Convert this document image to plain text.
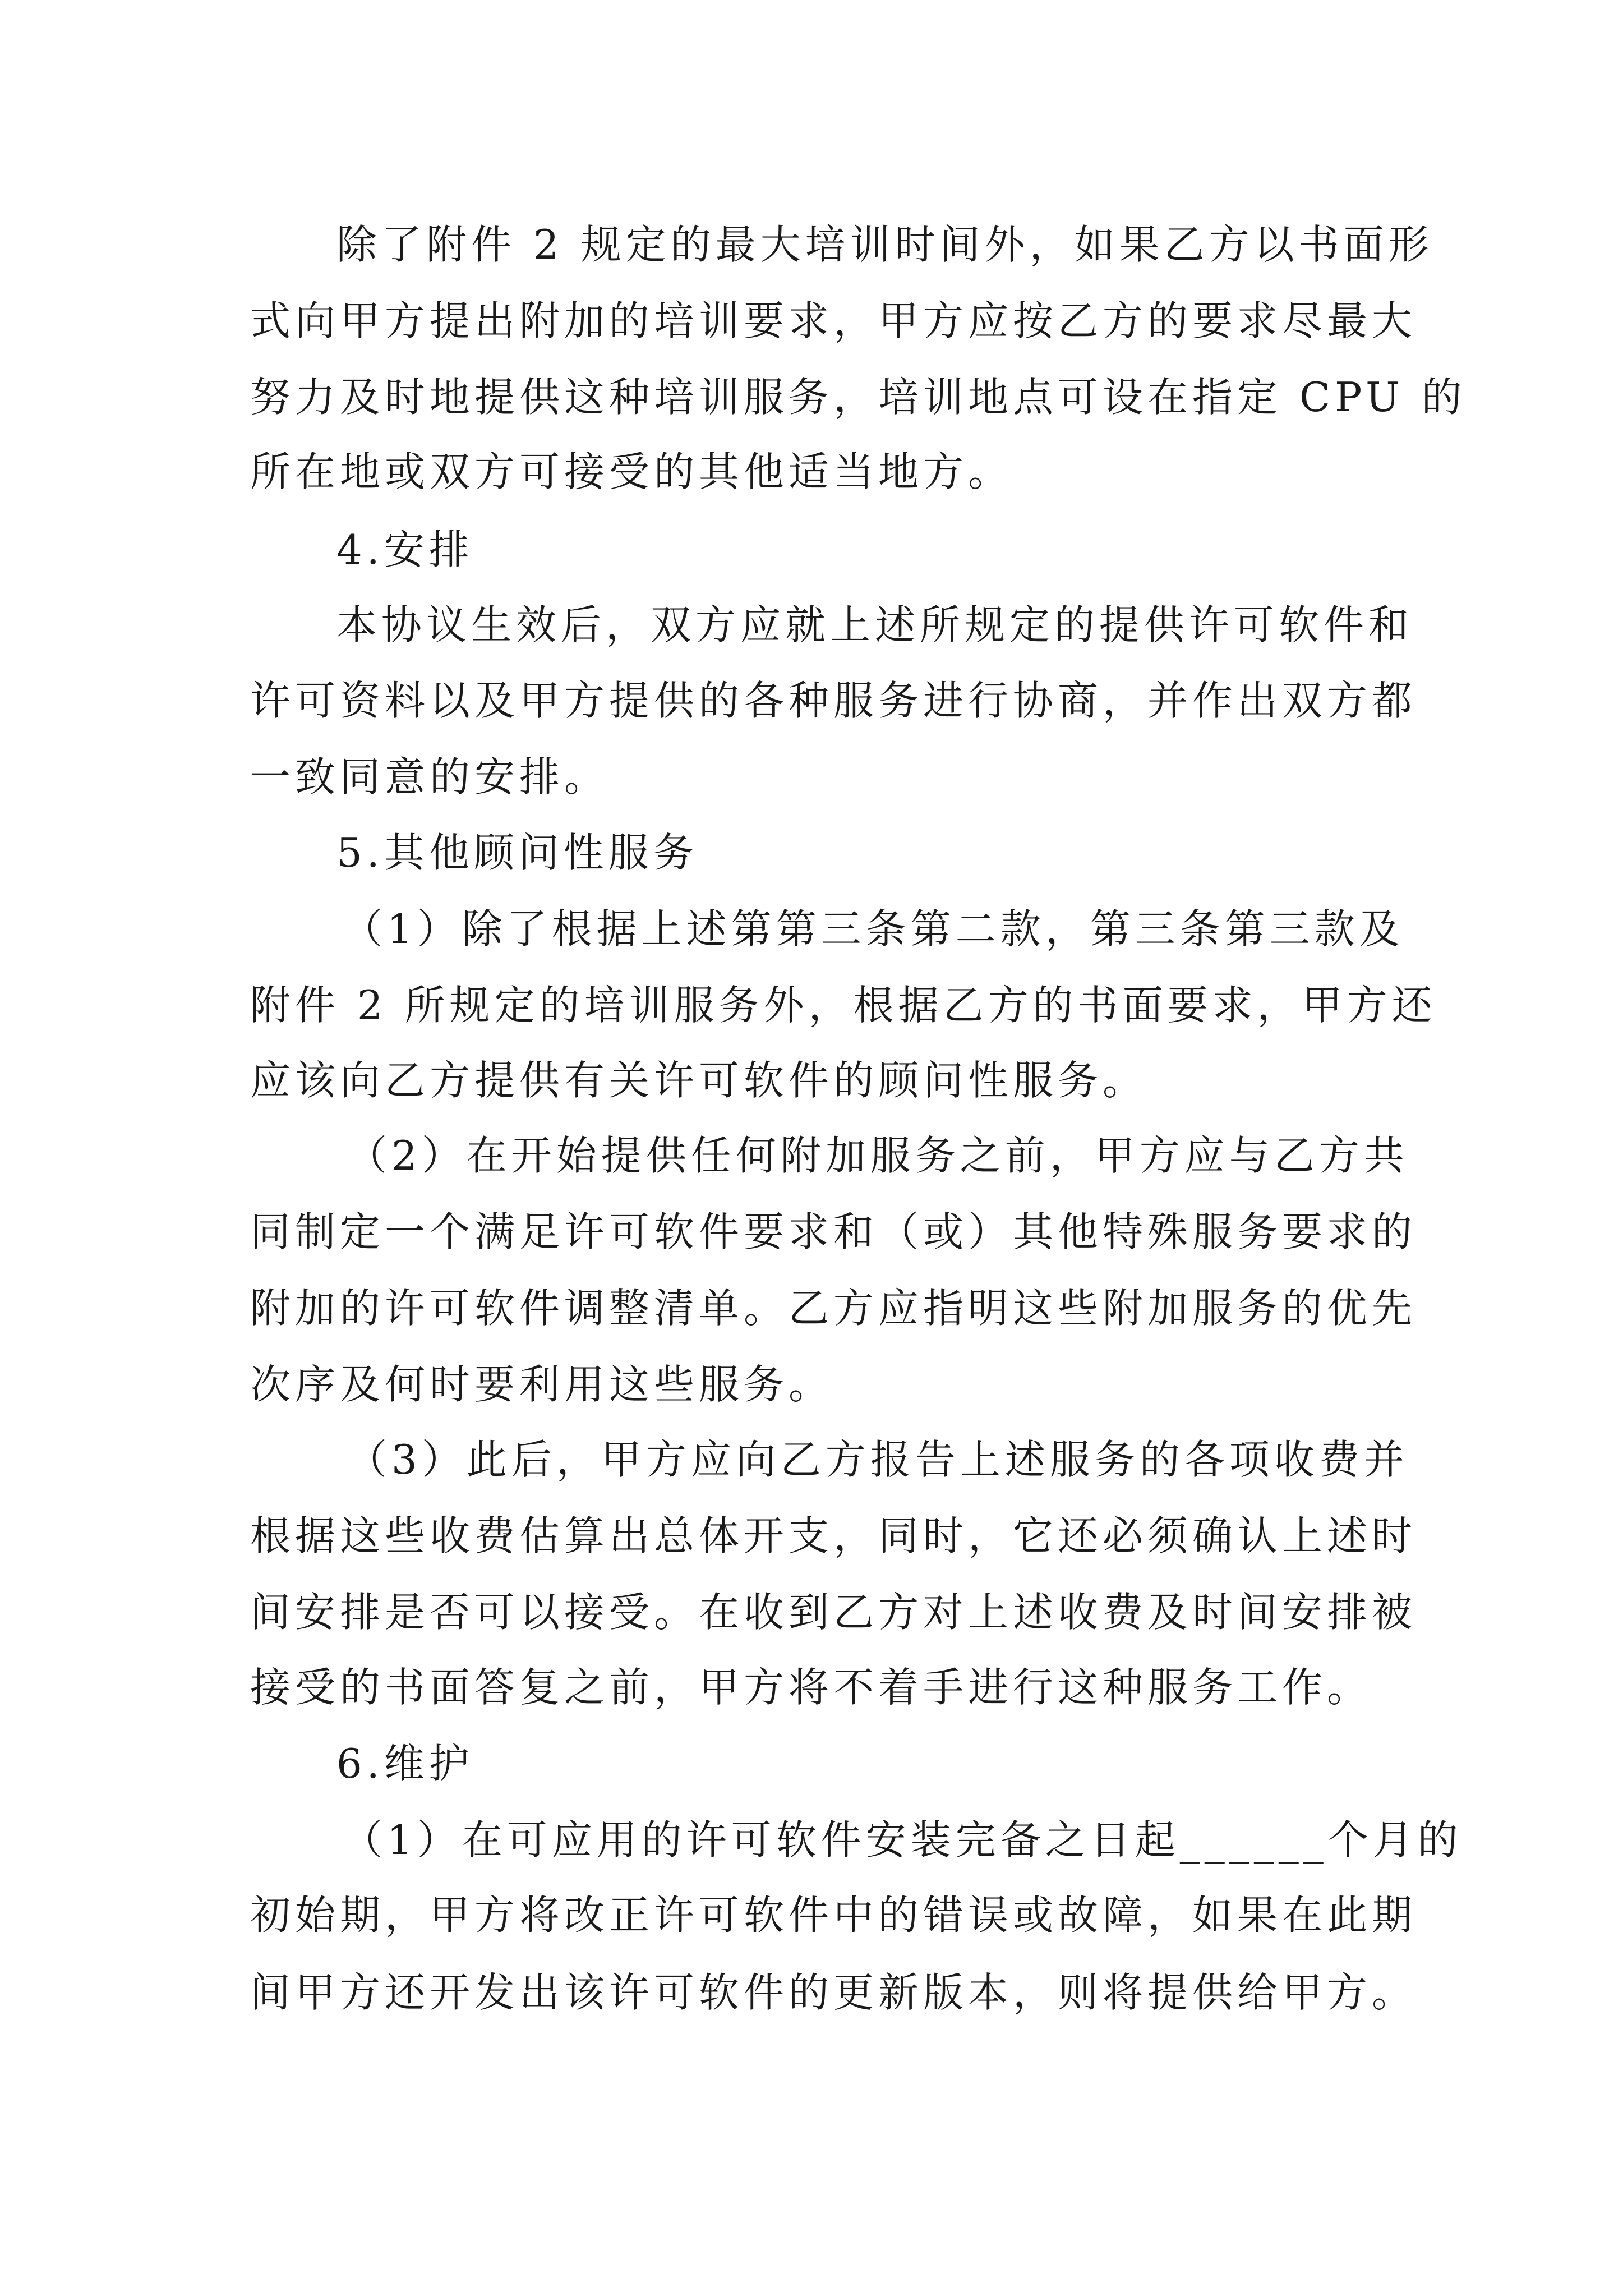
除了附件 2 规定的最大培训时间外，如果乙方以书面形
式向甲方提出附加的培训要求，甲方应按乙方的要求尽最大
努力及时地提供这种培训服务，培训地点可设在指定 CPU 的
所在地或双方可接受的其他适当地方。
4.安排
本协议生效后，双方应就上述所规定的提供许可软件和
许可资料以及甲方提供的各种服务进行协商，并作出双方都
一致同意的安排。
5.其他顾问性服务
（1）除了根据上述第第三条第二款，第三条第三款及
附件 2 所规定的培训服务外，根据乙方的书面要求，甲方还
应该向乙方提供有关许可软件的顾问性服务。
（2）在开始提供任何附加服务之前，甲方应与乙方共
同制定一个满足许可软件要求和（或）其他特殊服务要求的
附加的许可软件调整清单。乙方应指明这些附加服务的优先
次序及何时要利用这些服务。
（3）此后，甲方应向乙方报告上述服务的各项收费并
根据这些收费估算出总体开支，同时，它还必须确认上述时
间安排是否可以接受。在收到乙方对上述收费及时间安排被
接受的书面答复之前，甲方将不着手进行这种服务工作。
6.维护
（1）在可应用的许可软件安装完备之日起______个月的
初始期，甲方将改正许可软件中的错误或故障，如果在此期
间甲方还开发出该许可软件的更新版本，则将提供给甲方。
